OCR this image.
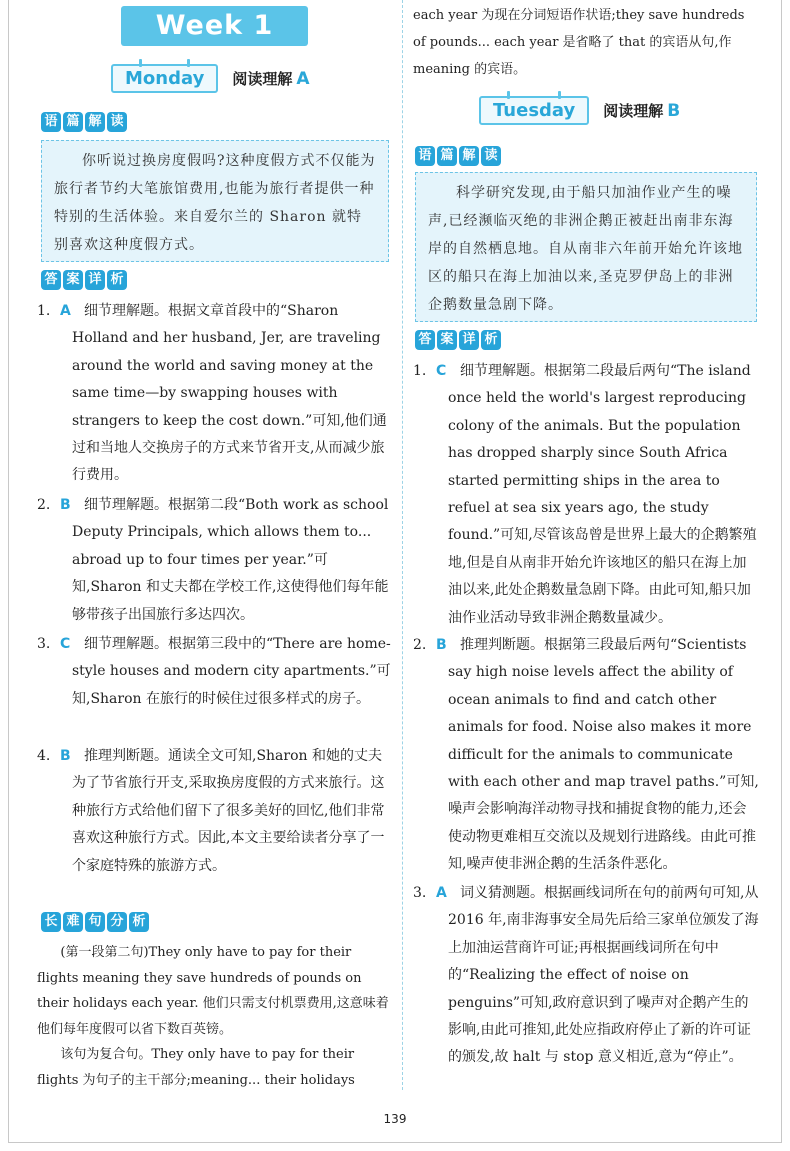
Week 1
Monday	阅读理解 A
语 篇 解 读
你听说过换房度假吗?这种度假方式不仅能为旅行者节约大笔旅馆费用,也能为旅行者提供一种特别的生活体验。来自爱尔兰的 Sharon 就特别喜欢这种度假方式。
答 案 详 析
1. A 细节理解题。根据文章首段中的“Sharon Holland and her husband, Jer, are traveling around the world and saving money at the same time—by swapping houses with strangers to keep the cost down.”可知,他们通过和当地人交换房子的方式来节省开支,从而减少旅行费用。
2. B 细节理解题。根据第二段“Both work as school Deputy Principals, which allows them to... abroad up to four times per year.”可知,Sharon 和丈夫都在学校工作,这使得他们每年能够带孩子出国旅行多达四次。
3. C 细节理解题。根据第三段中的“There are home-style houses and modern city apartments.”可知,Sharon 在旅行的时候住过很多样式的房子。
4. B 推理判断题。通读全文可知,Sharon 和她的丈夫为了节省旅行开支,采取换房度假的方式来旅行。这种旅行方式给他们留下了很多美好的回忆,他们非常喜欢这种旅行方式。因此,本文主要给读者分享了一个家庭特殊的旅游方式。
长 难 句 分 析
(第一段第二句)They only have to pay for their flights meaning they save hundreds of pounds on their holidays each year. 他们只需支付机票费用,这意味着他们每年度假可以省下数百英镑。
该句为复合句。They only have to pay for their flights 为句子的主干部分;meaning... their holidays
each year 为现在分词短语作状语;they save hundreds of pounds... each year 是省略了 that 的宾语从句,作 meaning 的宾语。
Tuesday	阅读理解 B
语 篇 解 读
科学研究发现,由于船只加油作业产生的噪声,已经濒临灭绝的非洲企鹅正被赶出南非东海岸的自然栖息地。自从南非六年前开始允许该地区的船只在海上加油以来,圣克罗伊岛上的非洲企鹅数量急剧下降。
答 案 详 析
1. C 细节理解题。根据第二段最后两句“The island once held the world's largest reproducing colony of the animals. But the population has dropped sharply since South Africa started permitting ships in the area to refuel at sea six years ago, the study found.”可知,尽管该岛曾是世界上最大的企鹅繁殖地,但是自从南非开始允许该地区的船只在海上加油以来,此处企鹅数量急剧下降。由此可知,船只加油作业活动导致非洲企鹅数量减少。
2. B 推理判断题。根据第三段最后两句“Scientists say high noise levels affect the ability of ocean animals to find and catch other animals for food. Noise also makes it more difficult for the animals to communicate with each other and map travel paths.”可知,噪声会影响海洋动物寻找和捕捉食物的能力,还会使动物更难相互交流以及规划行进路线。由此可推知,噪声使非洲企鹅的生活条件恶化。
3. A 词义猜测题。根据画线词所在句的前两句可知,从 2016 年,南非海事安全局先后给三家单位颁发了海上加油运营商许可证;再根据画线词所在句中的“Realizing the effect of noise on penguins”可知,政府意识到了噪声对企鹅产生的影响,由此可推知,此处应指政府停止了新的许可证的颁发,故 halt 与 stop 意义相近,意为“停止”。
139
